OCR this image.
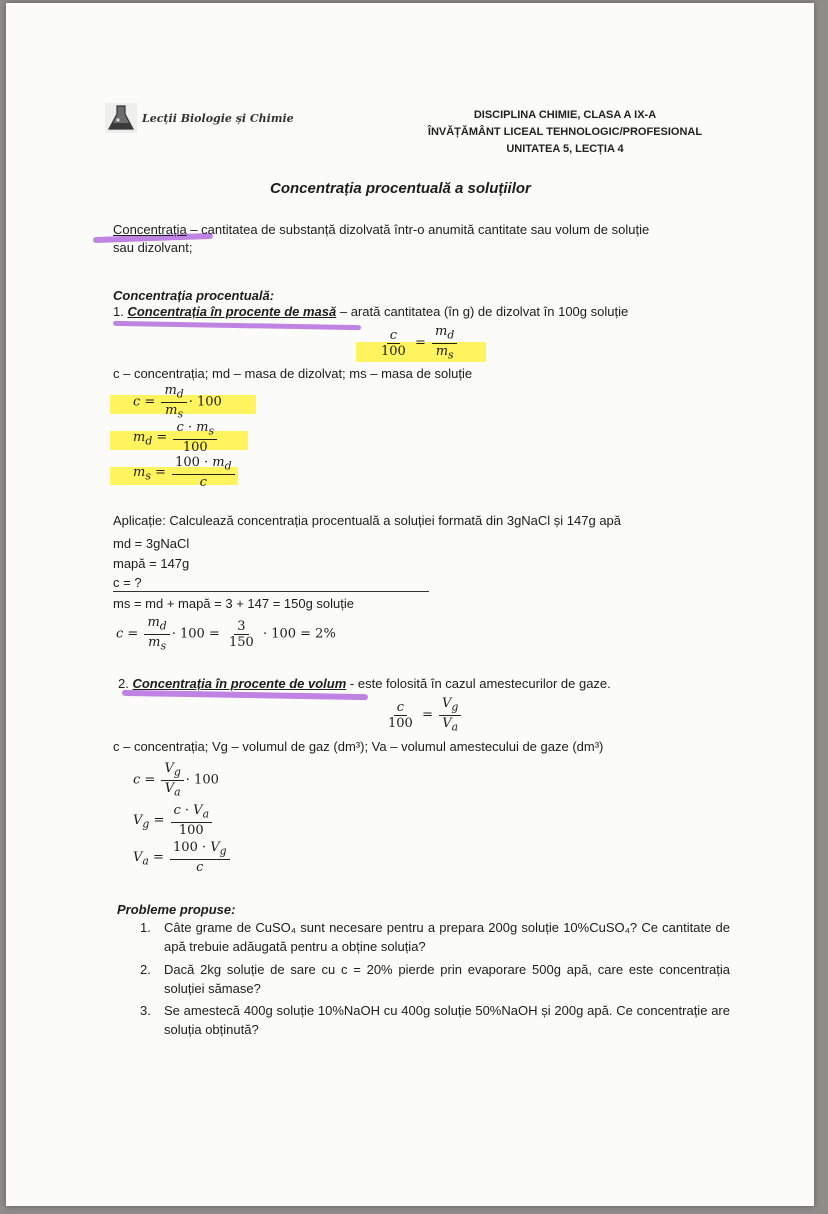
Lecții Biologie și Chimie	DISCIPLINA CHIMIE, CLASA A IX-A
ÎNVĂȚĂMÂNT LICEAL TEHNOLOGIC/PROFESIONAL
UNITATEA 5, LECȚIA 4
Concentrația procentuală a soluțiilor
Concentrația – cantitatea de substanță dizolvată într-o anumită cantitate sau volum de soluție
sau dizolvant;
Concentrația procentuală:
1. Concentrația în procente de masă – arată cantitatea (în g) de dizolvat în 100g soluție
$\frac{c}{100} = \frac{m_d}{m_s}$
c – concentrația; md – masa de dizolvat; ms – masa de soluție
$c = \frac{m_d}{m_s} \cdot 100$
$m_d = \frac{c \cdot m_s}{100}$
$m_s = \frac{100 \cdot m_d}{c}$
Aplicație: Calculează concentrația procentuală a soluției formată din 3gNaCl și 147g apă
md = 3gNaCl
mapă = 147g
c = ?
ms = md + mapă = 3 + 147 = 150g soluție
$c = \frac{m_d}{m_s} \cdot 100 = \frac{3}{150} \cdot 100 = 2\%$
2. Concentrația în procente de volum - este folosită în cazul amestecurilor de gaze.
$\frac{c}{100} = \frac{V_g}{V_a}$
c – concentrația; Vg – volumul de gaz (dm³); Va – volumul amestecului de gaze (dm³)
$c = \frac{V_g}{V_a} \cdot 100$
$V_g = \frac{c \cdot V_a}{100}$
$V_a = \frac{100 \cdot V_g}{c}$
Probleme propuse:
1. Câte grame de CuSO₄ sunt necesare pentru a prepara 200g soluție 10%CuSO₄? Ce cantitate de apă trebuie adăugată pentru a obține soluția?
2. Dacă 2kg soluție de sare cu c = 20% pierde prin evaporare 500g apă, care este concentrația soluției sămase?
3. Se amestecă 400g soluție 10%NaOH cu 400g soluție 50%NaOH și 200g apă. Ce concentrație are soluția obținută?
